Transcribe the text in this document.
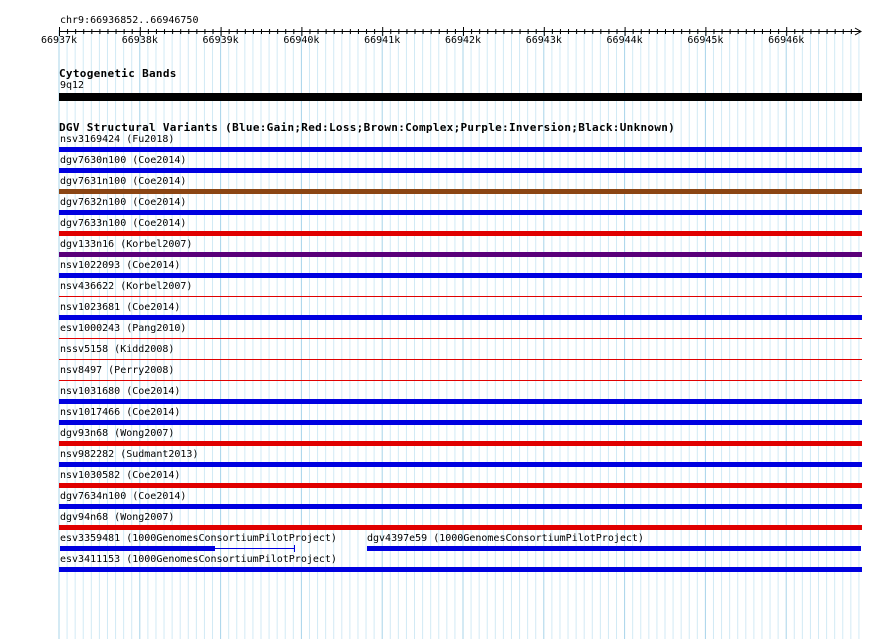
chr9:66936852..66946750
Cytogenetic Bands
9q12
DGV Structural Variants (Blue:Gain;Red:Loss;Brown:Complex;Purple:Inversion;Black:Unknown)
nsv3169424 (Fu2018)
dgv7630n100 (Coe2014)
dgv7631n100 (Coe2014)
dgv7632n100 (Coe2014)
dgv7633n100 (Coe2014)
dgv133n16 (Korbel2007)
nsv1022093 (Coe2014)
nsv436622 (Korbel2007)
nsv1023681 (Coe2014)
esv1000243 (Pang2010)
nssv5158 (Kidd2008)
nsv8497 (Perry2008)
nsv1031680 (Coe2014)
nsv1017466 (Coe2014)
dgv93n68 (Wong2007)
nsv982282 (Sudmant2013)
nsv1030582 (Coe2014)
dgv7634n100 (Coe2014)
dgv94n68 (Wong2007)
esv3359481 (1000GenomesConsortiumPilotProject)	dgv4397e59 (1000GenomesConsortiumPilotProject)
esv3411153 (1000GenomesConsortiumPilotProject)
66937k	66938k	66939k	66940k	66941k	66942k	66943k	66944k	66945k	66946k
